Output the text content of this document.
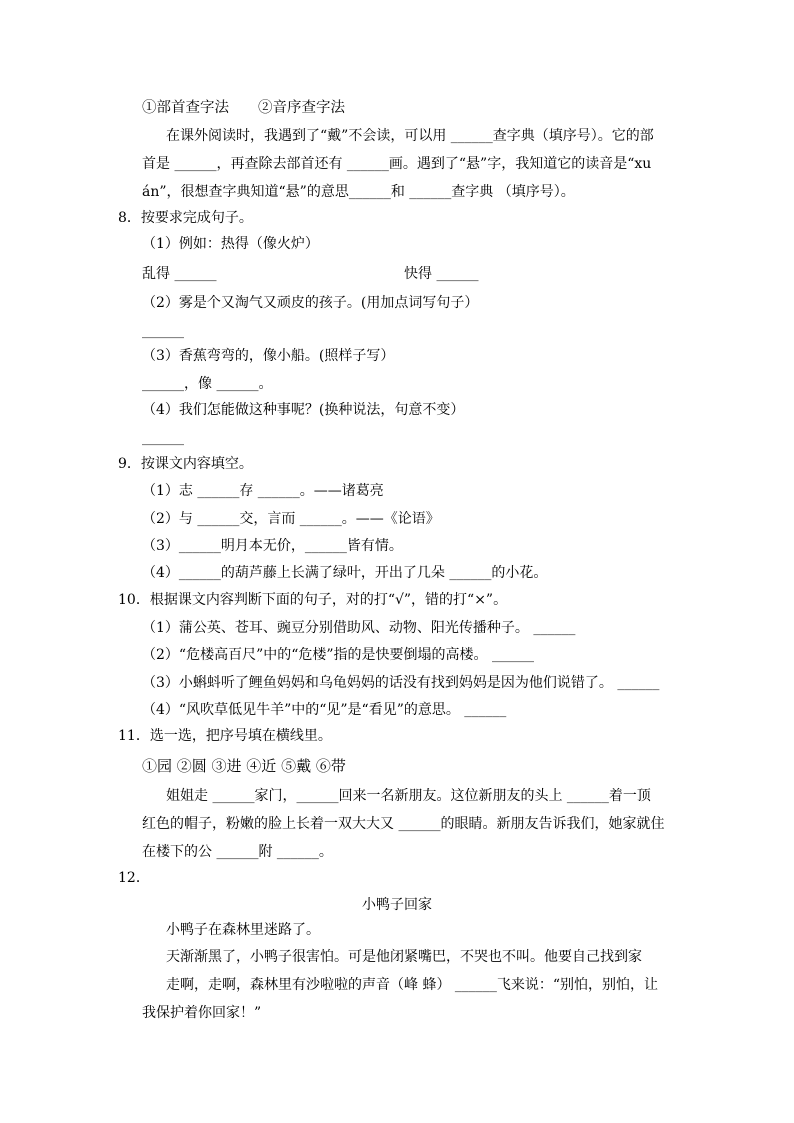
①部首查字法　　②音序查字法
在课外阅读时，我遇到了“戴”不会读，可以用 ______查字典（填序号）。它的部
首是 ______，再查除去部首还有 ______画。遇到了“悬”字，我知道它的读音是“xu
án”，很想查字典知道“悬”的意思______和 ______查字典 （填序号）。
8．按要求完成句子。
（1）例如：热得（像火炉）
乱得 ______	快得 ______
（2）雾是个又淘气又顽皮的孩子。(用加点词写句子）
______
（3）香蕉弯弯的，像小船。(照样子写）
______，像 ______。
（4）我们怎能做这种事呢？(换种说法，句意不变）
______
9．按课文内容填空。
（1）志 ______存 ______。——诸葛亮
（2）与 ______交，言而 ______。——《论语》
（3）______明月本无价，______皆有情。
（4）______的葫芦藤上长满了绿叶，开出了几朵 ______的小花。
10．根据课文内容判断下面的句子，对的打“√”，错的打“×”。
（1）蒲公英、苍耳、豌豆分别借助风、动物、阳光传播种子。 ______
（2）“危楼高百尺”中的“危楼”指的是快要倒塌的高楼。 ______
（3）小蝌蚪听了鲤鱼妈妈和乌龟妈妈的话没有找到妈妈是因为他们说错了。 ______
（4）“风吹草低见牛羊”中的“见”是“看见”的意思。 ______
11．选一选，把序号填在横线里。
①园 ②圆 ③进 ④近 ⑤戴 ⑥带
姐姐走 ______家门，______回来一名新朋友。这位新朋友的头上 ______着一顶
红色的帽子，粉嫩的脸上长着一双大大又 ______的眼睛。新朋友告诉我们，她家就住
在楼下的公 ______附 ______。
12．
小鸭子回家
小鸭子在森林里迷路了。
天渐渐黑了，小鸭子很害怕。可是他闭紧嘴巴，不哭也不叫。他要自己找到家
走啊，走啊，森林里有沙啦啦的声音（峰 蜂） ______飞来说：“别怕，别怕，让
我保护着你回家！”
